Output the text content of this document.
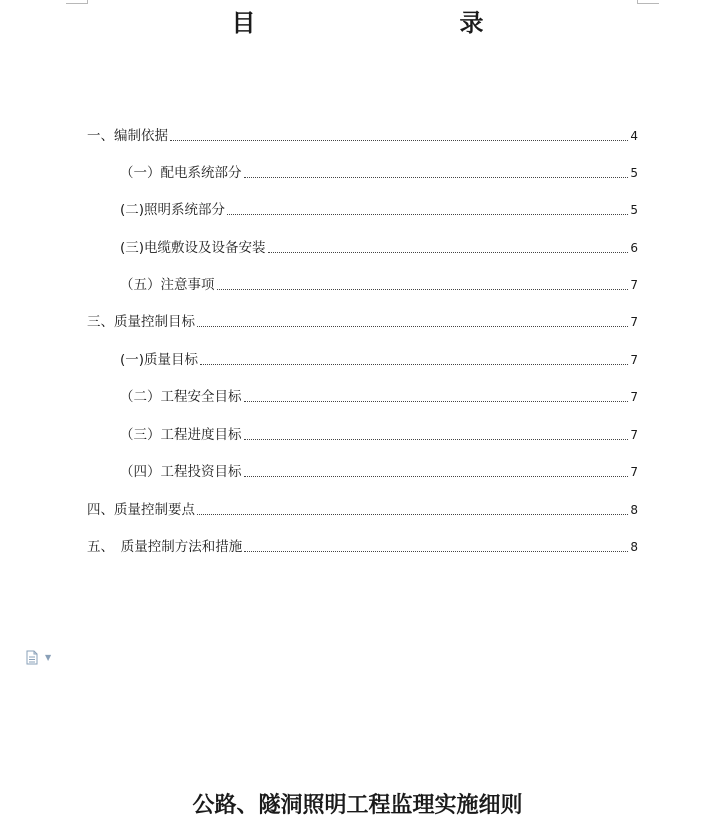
目　录
一、编制依据	4
（一）配电系统部分	5
(二)照明系统部分	5
(三)电缆敷设及设备安装	6
（五）注意事项	7
三、质量控制目标	7
(一)质量目标	7
（二）工程安全目标	7
（三）工程进度目标	7
（四）工程投资目标	7
四、质量控制要点	8
五、　质量控制方法和措施	8
▼
公路、隧洞照明工程监理实施细则
